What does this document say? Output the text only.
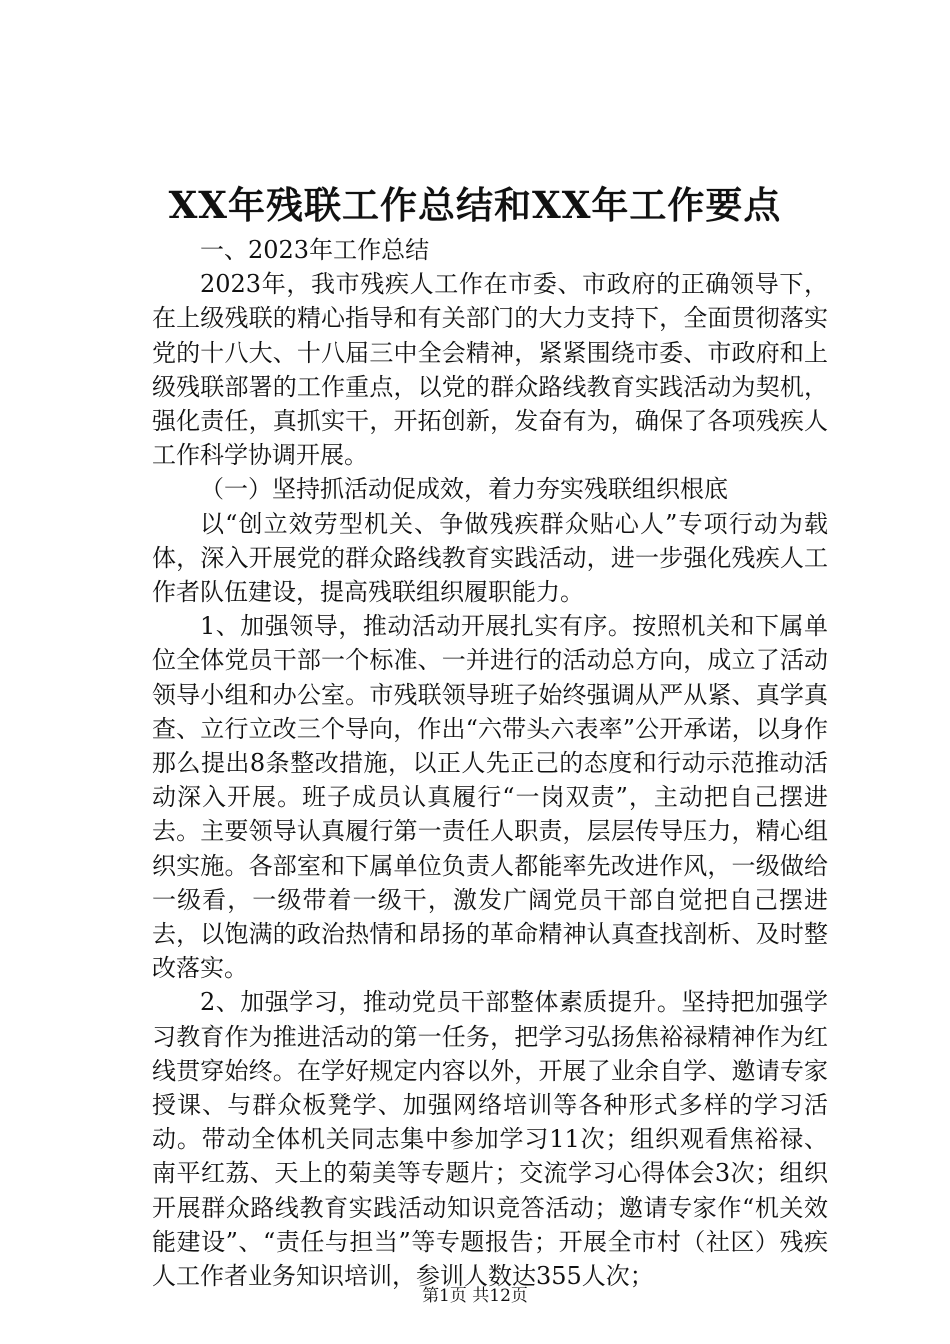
XX年残联工作总结和XX年工作要点

一、2023年工作总结

2023年，我市残疾人工作在市委、市政府的正确领导下，在上级残联的精心指导和有关部门的大力支持下，全面贯彻落实党的十八大、十八届三中全会精神，紧紧围绕市委、市政府和上级残联部署的工作重点，以党的群众路线教育实践活动为契机，强化责任，真抓实干，开拓创新，发奋有为，确保了各项残疾人工作科学协调开展。

（一）坚持抓活动促成效，着力夯实残联组织根底

以“创立效劳型机关、争做残疾群众贴心人”专项行动为载体，深入开展党的群众路线教育实践活动，进一步强化残疾人工作者队伍建设，提高残联组织履职能力。

1、加强领导，推动活动开展扎实有序。按照机关和下属单位全体党员干部一个标准、一并进行的活动总方向，成立了活动领导小组和办公室。市残联领导班子始终强调从严从紧、真学真查、立行立改三个导向，作出“六带头六表率”公开承诺，以身作那么提出8条整改措施，以正人先正己的态度和行动示范推动活动深入开展。班子成员认真履行“一岗双责”，主动把自己摆进去。主要领导认真履行第一责任人职责，层层传导压力，精心组织实施。各部室和下属单位负责人都能率先改进作风，一级做给一级看，一级带着一级干，激发广阔党员干部自觉把自己摆进去，以饱满的政治热情和昂扬的革命精神认真查找剖析、及时整改落实。

2、加强学习，推动党员干部整体素质提升。坚持把加强学习教育作为推进活动的第一任务，把学习弘扬焦裕禄精神作为红线贯穿始终。在学好规定内容以外，开展了业余自学、邀请专家授课、与群众板凳学、加强网络培训等各种形式多样的学习活动。带动全体机关同志集中参加学习11次；组织观看焦裕禄、南平红荔、天上的菊美等专题片；交流学习心得体会3次；组织开展群众路线教育实践活动知识竞答活动；邀请专家作“机关效能建设”、“责任与担当”等专题报告；开展全市村（社区）残疾人工作者业务知识培训，参训人数达355人次；

第1页 共12页
